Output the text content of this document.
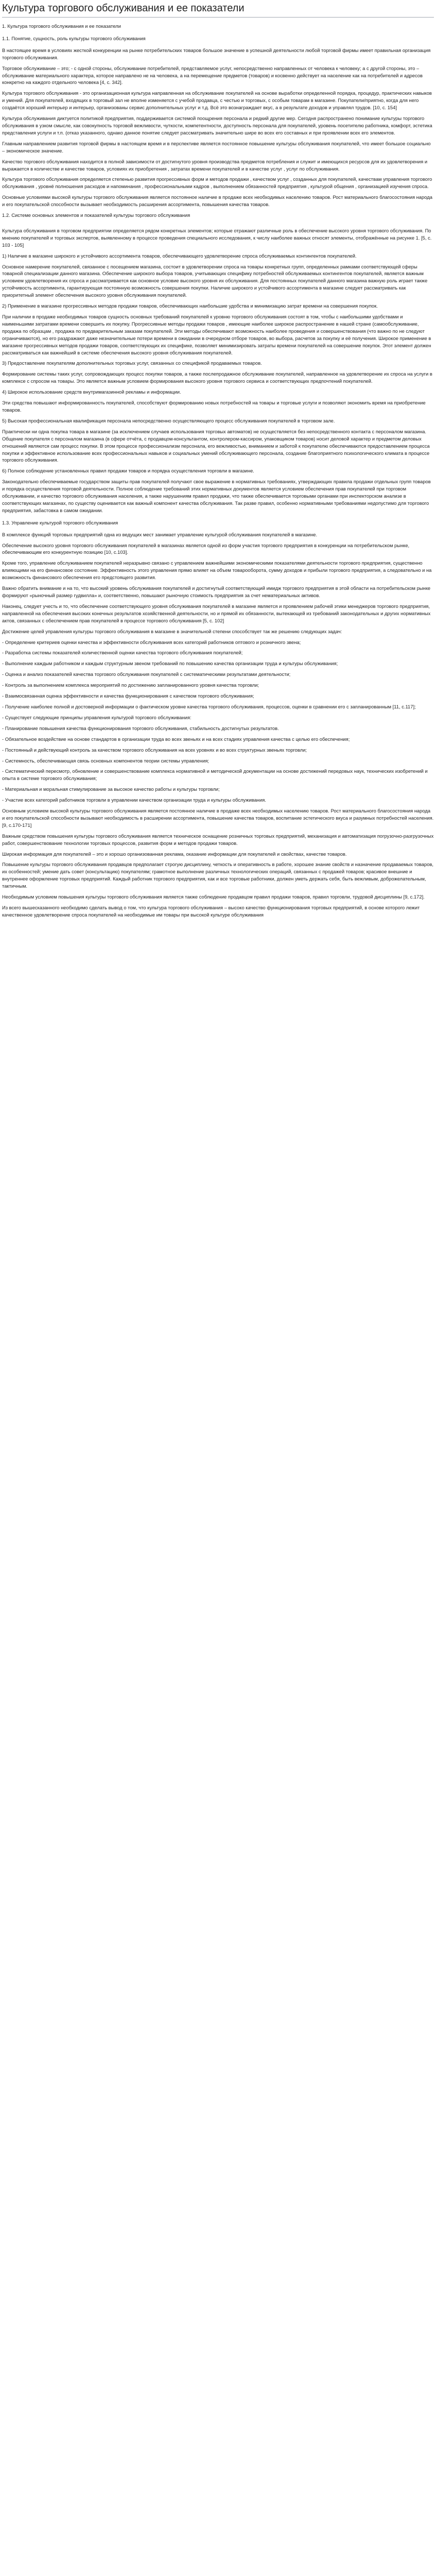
Культура торгового обслуживания и ее показатели

1. Культура торгового обслуживания и ее показатели

1.1. Понятие, сущность, роль культуры торгового обслуживания

В настоящее время в условиях жесткой конкуренции на рынке потребительских товаров большое значение в успешной деятельности любой торговой фирмы имеет правильная организация торгового обслуживания.

Торговое обслуживание – это; - с одной стороны, обслуживание потребителей, представляемое услуг, непосредственно направленных от человека к человеку; а с другой стороны, это – обслуживание материального характера, которое направлено не на человека, а на перемещение предметов (товаров) и косвенно действует на население как на потребителей и адресов конкретно на каждого отдельного человека [4, с. 342].

Культура торгового обслуживания - это организационная культура направленная на обслуживание покупателей на основе выработки определенной порядка, процедур, практических навыков и умений. Для покупателей, входящих в торговый зал не вполне изменяется с учебой продавца, с честью и торговых, с особым товарам в магазине. Покупатели/приятно, когда для него создаётся хороший интерьер и интерьер, организованы сервис дополнительных услуг и т.д. Всё это вознаграждает вкус, а в результате доходов и управлял трудов. [10, с. 154]

Культура обслуживания диктуется политикой предприятия, поддерживается системой поощрения персонала и редкий другие мер. Сегодня распространено понимание культуры торгового обслуживания в узком смысле, как совокупность торговой вежливости, чуткости, компетентности, доступность персонала для покупателей, уровень посетителю работника, комфорт, эстетика представления услуги и т.п. (отказ указанного, однако данное понятие следует рассматривать значительно шире во всех его составных и при проявлении всех его элементов.

Главным направлением развития торговой фирмы в настоящем время и в перспективе является постоянное повышение культуры обслуживания покупателей, что имеет большое социально – экономическое значение.

Качество торгового обслуживания находится в полной зависимости от достигнутого уровня производства предметов потребления и служит и имеющихся ресурсов для их удовлетворения и выражается в количестве и качестве товаров, условиях их приобретения , затратах времени покупателей и в качестве услуг , услуг по обслуживания.

Культура торгового обслуживания определяется степенью развития прогрессивных форм и методов продажи , качеством услуг , созданных для покупателей, качествам управления торгового обслуживания , уровнё полношения расходов и напоминания , профессиональными кадров , выполнением обязанностей предприятия , культурой общения , организацией изучения спроса.

Основные условиями высокой культуры торгового обслуживания является постоянное наличие в продаже всех необходимых населению товаров. Рост материального благосостояния народа и его покупательской способности вызывает необходимость расширения ассортимента, повышения качества товаров.

1.2. Системе основных элементов и показателей культуры торгового обслуживания

Культура обслуживания в торговом предприятии определяется рядом конкретных элементов; которые отражают различные роль в обеспечение высокого уровня торгового обслуживания. По мнению покупателей и торговых экспертов, выявленному в процессе проведения специального исследования, к числу наиболее важных относят элементы, отображённые на рисунке 1. [5, с. 103 - 105]

1) Наличие в магазине широкого и устойчивого ассортимента товаров, обеспечивающего удовлетворение спроса обслуживаемых контингентов покупателей.

Основное намерение покупателей, связанное с посещением магазина, состоит в удовлетворении спроса на товары конкретных групп, определенных рамками соответствующей сферы товарной специализации данного магазина. Обеспечение широкого выбора товаров, учитывающих специфику потребностей обслуживаемых контингентов покупателей, является важным условием удовлетворения их спроса и рассматривается как основное условие высокого уровня их обслуживания. Для постоянных покупателей данного магазина важную роль играет также устойчивость ассортимента, гарантирующая постоянную возможность совершения покупки. Наличие широкого и устойчивого ассортимента в магазине следует рассматривать как приоритетный элемент обеспечения высокого уровня обслуживания покупателей.

2) Применение в магазине прогрессивных методов продажи товаров, обеспечивающих наибольшие удобства и минимизацию затрат времени на совершения покупок.

При наличии в продаже необходимых товаров сущность основных требований покупателей к уровню торгового обслуживания состоят в том, чтобы с наибольшими удобствами и наименьшими затратами времени совершить их покупку. Прогрессивные методы продажи товаров , имеющие наиболее широкое распространение в нашей стране (самообслуживание, продажа по образцам , продажа по предварительным заказам покупателей. Эти методы обеспечивают возможность наиболее проведения и совершенствования (что важно по не следуют ограничиваются), но его раздражают даже незначительные потери времени в ожидании в очередном отборе товаров, во выбора, расчетов за покупку и её получения. Широкое применение в магазине прогрессивных методов продажи товаров, соответствующих их специфике, позволяет минимизировать затраты времени покупателей на совершение покупок. Этот элемент должен рассматриваться как важнейший в системе обеспечения высокого уровня обслуживания покупателей.

3) Предоставление покупателям дополнительных торговых услуг, связанных со спецификой продаваемых товаров.

Формирование системы таких услуг, сопровождающих процесс покупки товаров, а также послепродажное обслуживание покупателей, направленное на удовлетворение их спроса на услуги в комплексе с спросом на товары. Это является важным условием формирования высокого уровня торгового сервиса и соответствующих предпочтений покупателей.

4) Широкое использование средств внутримагазинной рекламы и информации.

Эти средства повышают информированность покупателей, способствуют формированию новых потребностей на товары и торговые услуги и позволяют экономить время на приобретение товаров.

5) Высокая профессиональная квалификация персонала непосредственно осуществляющего процесс обслуживания покупателей в торговом зале.

Практически ни одна покупка товара в магазине (за исключением случаев использования торговых автоматов) не осуществляется без непосредственного контакта с персоналом магазина. Общение покупателя с персоналом магазина (в сфере отчёта, с продавцом-консультантом, контролером-кассиром, упаковщиком товаров) носит деловой характер и предметом деловых отношений являются сам процесс покупки. В этом процессе профессионализм персонала, его вежливостью, вниманием и заботой к покупателю обеспечиваются предоставлением процесса покупки и эффективное использование всех профессиональных навыков и социальных умений обслуживающего персонала, создание благоприятного психологического климата в процессе торгового обслуживания.

6) Полное соблюдение установленных правил продажи товаров и порядка осуществления торговли в магазине.

Законодательно обеспечиваемые государством защиты прав покупателей получают свое выражение в нормативных требованиях, утверждающих правила продажи отдельных групп товаров и порядка осуществления торговой деятельности. Полное соблюдение требований этих нормативных документов является условием обеспечения прав покупателей при торговом обслуживании, и качество торгового обслуживания населения, а также нарушениям правил продажи, что также обеспечивается торговыми органами при инспекторском анализе в соответствующих магазинах, по существу оценивается как важный компонент качества обслуживания. Так разве правил, особенно нормативными требованиями недопустимо для торгового предприятия, забастовка в самом ожидании.

1.3. Управление культурой торгового обслуживания

В комплексе функций торговых предприятий одна из ведущих мест занимает управление культурой обслуживания покупателей в магазине.

Обеспечение высокого уровня торгового обслуживания покупателей в магазинах является одной из форм участия торгового предприятия в конкуренции на потребительском рынке, обеспечивающим его конкурентную позицию [10, с.103].

Кроме того, управление обслуживанием покупателей неразрывно связано с управлением важнейшими экономическими показателями деятельности торгового предприятия, существенно влияющими на его финансовое состояние. Эффективность этого управления прямо влияет на объем товарооборота, сумму доходов и прибыли торгового предприятия, а следовательно и на возможность финансового обеспечения его предстоящего развития.

Важно обратить внимание и на то, что высокий уровень обслуживания покупателей и достигнутый соответствующий имидж торгового предприятия в этой области на потребительском рынке формируют «рыночный размер гудвилла» и, соответственно, повышают рыночную стоимость предприятия за счет нематериальных активов.

Наконец, следует учесть и то, что обеспечение соответствующего уровня обслуживания покупателей в магазине является и проявлением рабочей этики менеджеров торгового предприятия, направленной на обеспечения высоких конечных результатов хозяйственной деятельности, но и прямой их обязанности, вытекающей из требований законодательных и других нормативных актов, связанных с обеспечением прав покупателей в процессе торгового обслуживания [5, с. 102]

Достижение целей управления культуры торгового обслуживания в магазине в значительной степени способствует так же решению следующих задач:

- Определение критериев оценки качества и эффективности обслуживания всех категорий работников оптового и розничного звена;

- Разработка системы показателей количественной оценки качества торгового обслуживания покупателей;

- Выполнение каждым работником и каждым структурным звеном требований по повышению качества организации труда и культуры обслуживания;

- Оценка и анализ показателей качества торгового обслуживания покупателей с систематическими результатами деятельности;

- Контроль за выполнением комплекса мероприятий по достижению запланированного уровня качества торговли;

- Взаимосвязанная оценка эффективности и качества функционирования с качеством торгового обслуживания;

- Получение наиболее полной и достоверной информации о фактическом уровне качества торгового обслуживания, процессов, оценки в сравнении его с запланированным [11, с.117];

- Существует следующие принципы управления культурой торгового обслуживания:

- Планирование повышения качества функционирования торгового обслуживания, стабильность достигнутых результатов.

- Обязательное воздействие на основе стандартов в организации труда во всех звеньях и на всех стадиях управления качества с целью его обеспечения;

- Постоянный и действующий контроль за качеством торгового обслуживания на всех уровнях и во всех структурных звеньях торговли;

- Системность, обеспечивающая связь основных компонентов теории системы управления;

- Систематический пересмотр, обновление и совершенствование комплекса нормативной и методической документации на основе достижений передовых наук, технических изобретений и опыта в системе торгового обслуживания;

- Материальная и моральная стимулирование за высокое качество работы и культуры торговли;

- Участие всех категорий работников торговли в управлении качеством организации труда и культуры обслуживания.

Основным условием высокой культуры торгового обслуживания является постоянное наличие в продаже всех необходимых населению товаров. Рост материального благосостояния народа и его покупательской способности вызывают необходимость в расширении ассортимента, повышение качества товаров, воспитание эстетического вкуса и разумных потребностей населения. [9, с.170-171]

Важным средством повышения культуры торгового обслуживания является техническое оснащение розничных торговых предприятий, механизация и автоматизация погрузочно-разгрузочных работ, совершенствование технологии торговых процессов, развития форм и методов продажи товаров.

Широкая информация для покупателей – это и хорошо организованная реклама, оказание информации для покупателей и свойствах, качестве товаров.

Повышение культуры торгового обслуживания продавцов предполагает строгую дисциплину, четкость и оперативность в работе, хорошее знание свойств и назначение продаваемых товаров, их особенностей; умение дать совет (консультацию) покупателям; грамотное выполнение различных технологических операций, связанных с продажей товаров; красивое внешние и внутреннее оформление торговых предприятий. Каждый работник торгового предприятия, как и все торговые работники, должен уметь держать себя, быть вежливым, доброжелательным, тактичным.

Необходимым условием повышения культуры торгового обслуживания является также соблюдение продавцом правил продажи товаров, правил торговли, трудовой дисциплины [9, с.172].

Из всего вышесказанного необходимо сделать вывод о том, что культура торгового обслуживания – высоко качество функционирования торговых предприятий, в основе которого лежит качественное удовлетворение спроса покупателей на необходимые им товары при высокой культуре обслуживания
